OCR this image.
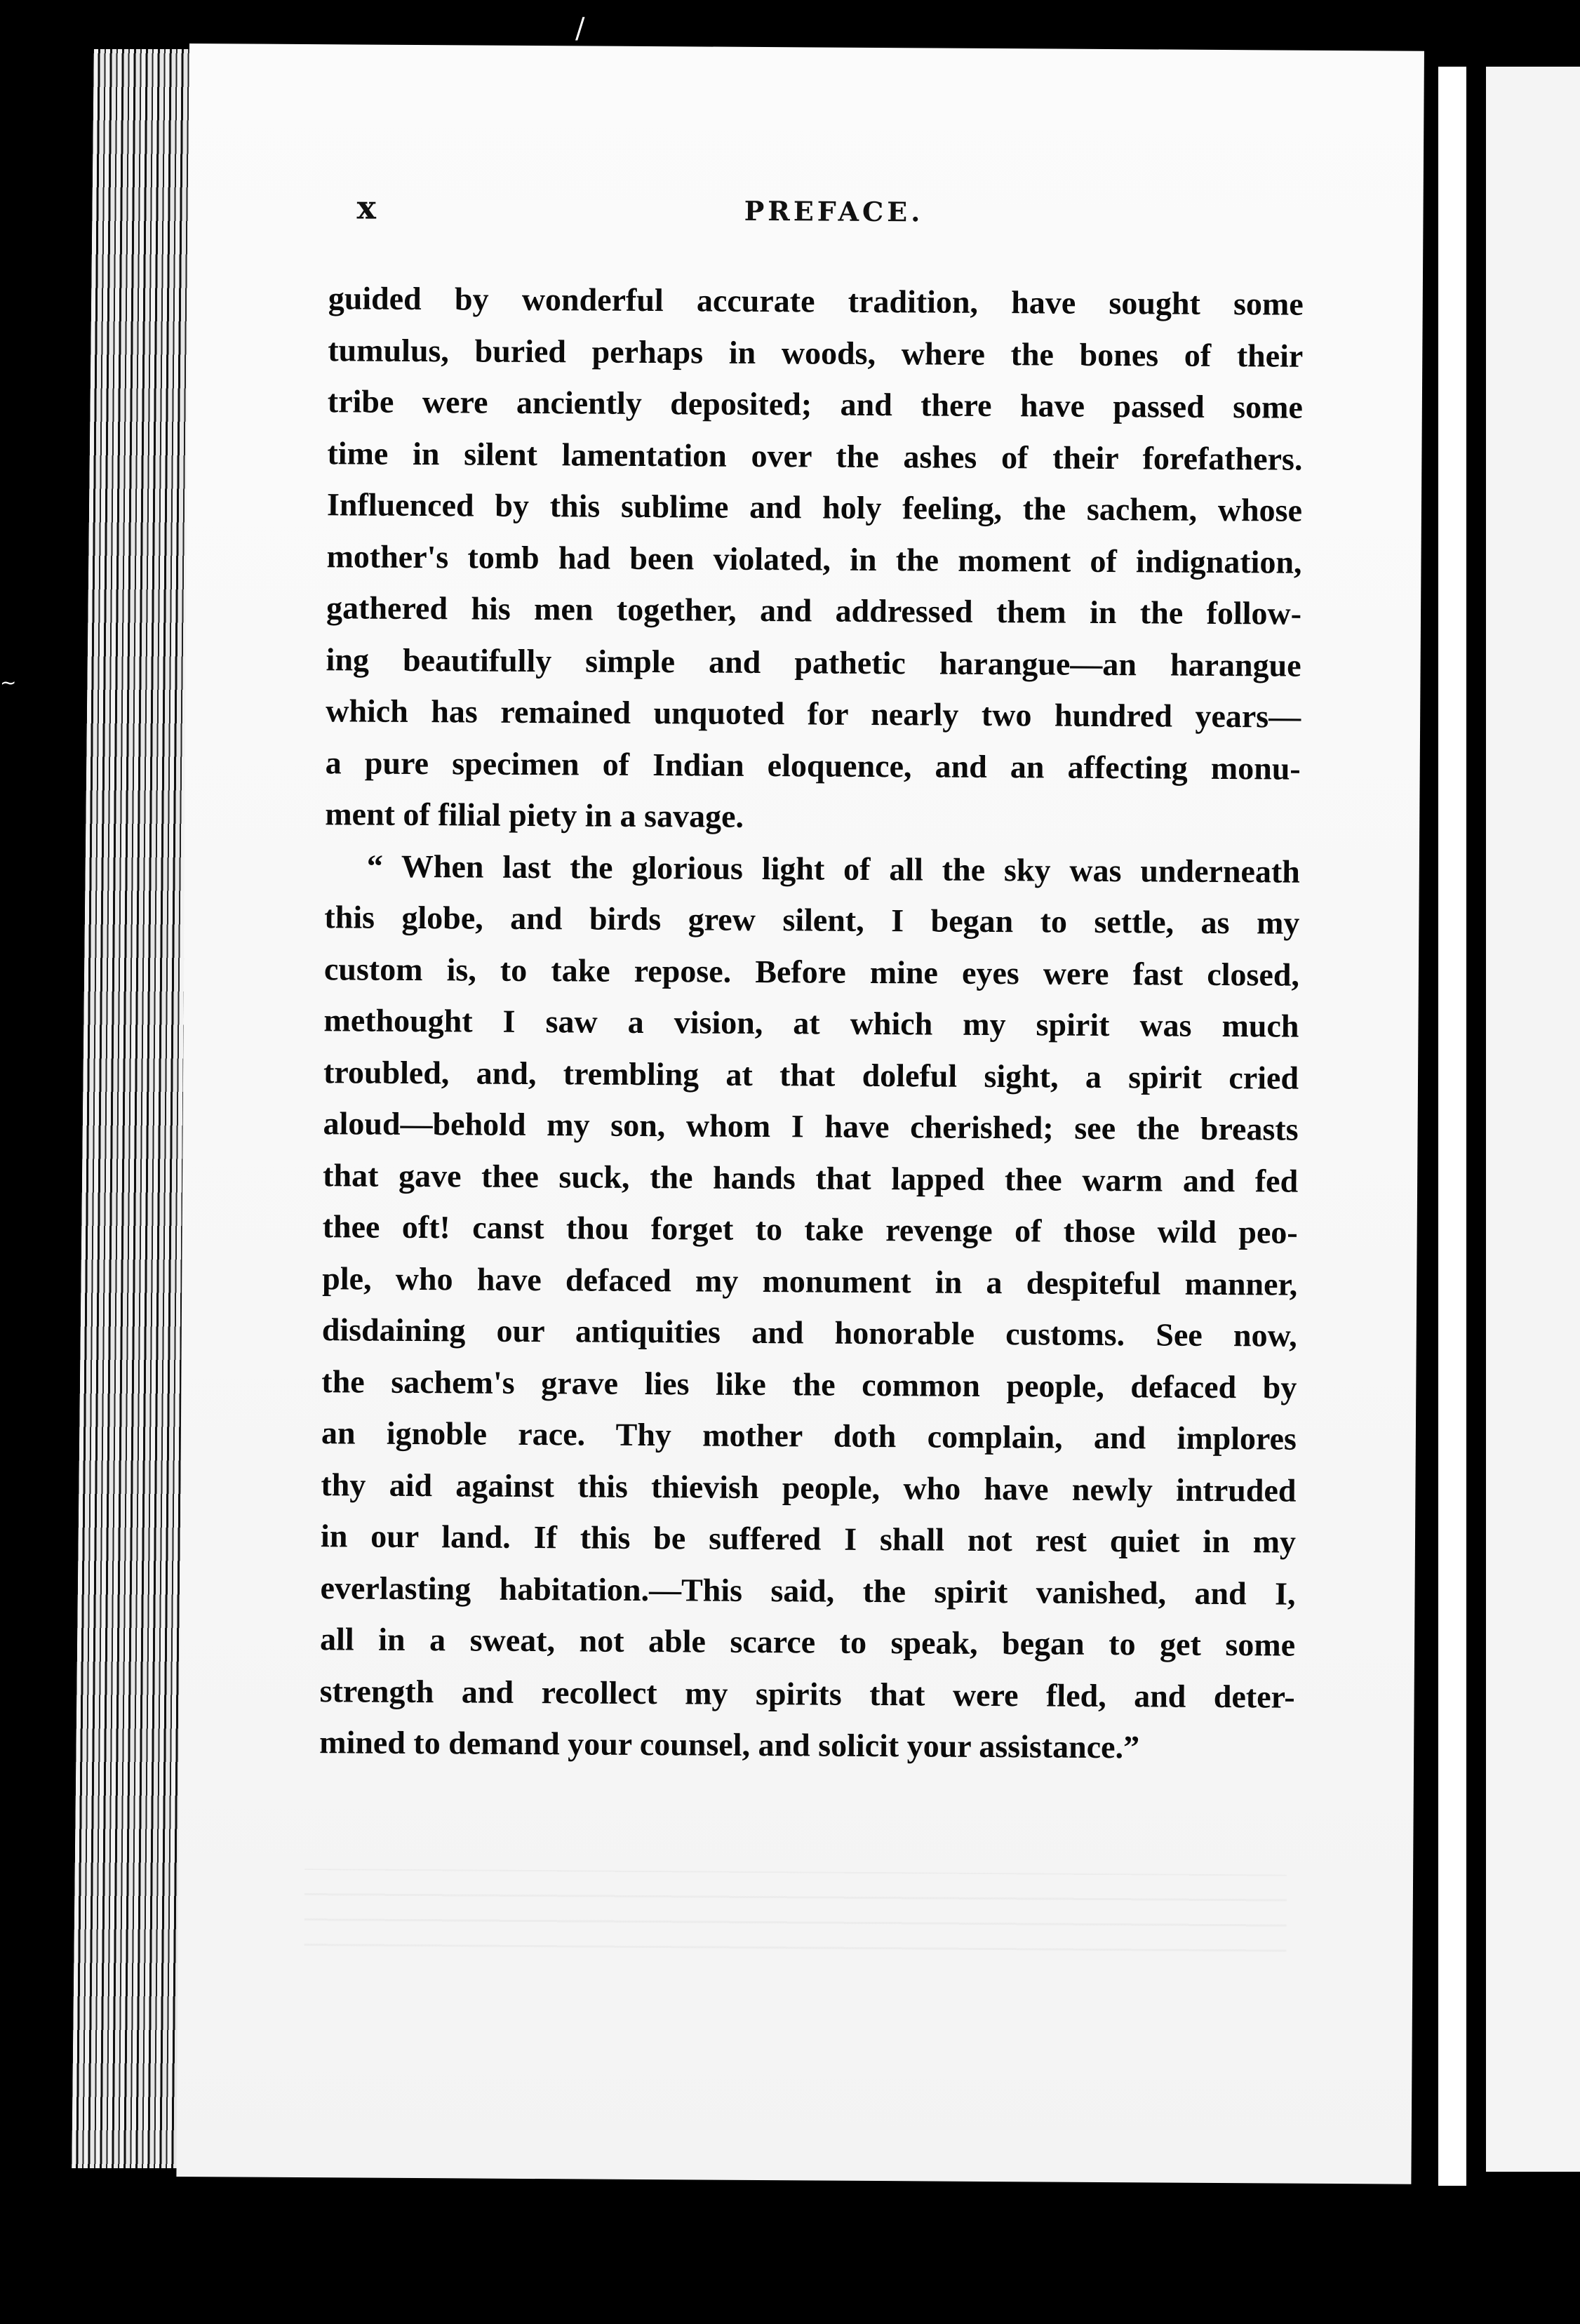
/
~
x	PREFACE.
guided by wonderful accurate tradition, have sought some
tumulus, buried perhaps in woods, where the bones of their
tribe were anciently deposited; and there have passed some
time in silent lamentation over the ashes of their forefathers.
Influenced by this sublime and holy feeling, the sachem, whose
mother's tomb had been violated, in the moment of indignation,
gathered his men together, and addressed them in the follow-
ing beautifully simple and pathetic harangue—an harangue
which has remained unquoted for nearly two hundred years—
a pure specimen of Indian eloquence, and an affecting monu-
ment of filial piety in a savage.
“ When last the glorious light of all the sky was underneath
this globe, and birds grew silent, I began to settle, as my
custom is, to take repose. Before mine eyes were fast closed,
methought I saw a vision, at which my spirit was much
troubled, and, trembling at that doleful sight, a spirit cried
aloud—behold my son, whom I have cherished; see the breasts
that gave thee suck, the hands that lapped thee warm and fed
thee oft! canst thou forget to take revenge of those wild peo-
ple, who have defaced my monument in a despiteful manner,
disdaining our antiquities and honorable customs. See now,
the sachem's grave lies like the common people, defaced by
an ignoble race. Thy mother doth complain, and implores
thy aid against this thievish people, who have newly intruded
in our land. If this be suffered I shall not rest quiet in my
everlasting habitation.—This said, the spirit vanished, and I,
all in a sweat, not able scarce to speak, began to get some
strength and recollect my spirits that were fled, and deter-
mined to demand your counsel, and solicit your assistance.”
